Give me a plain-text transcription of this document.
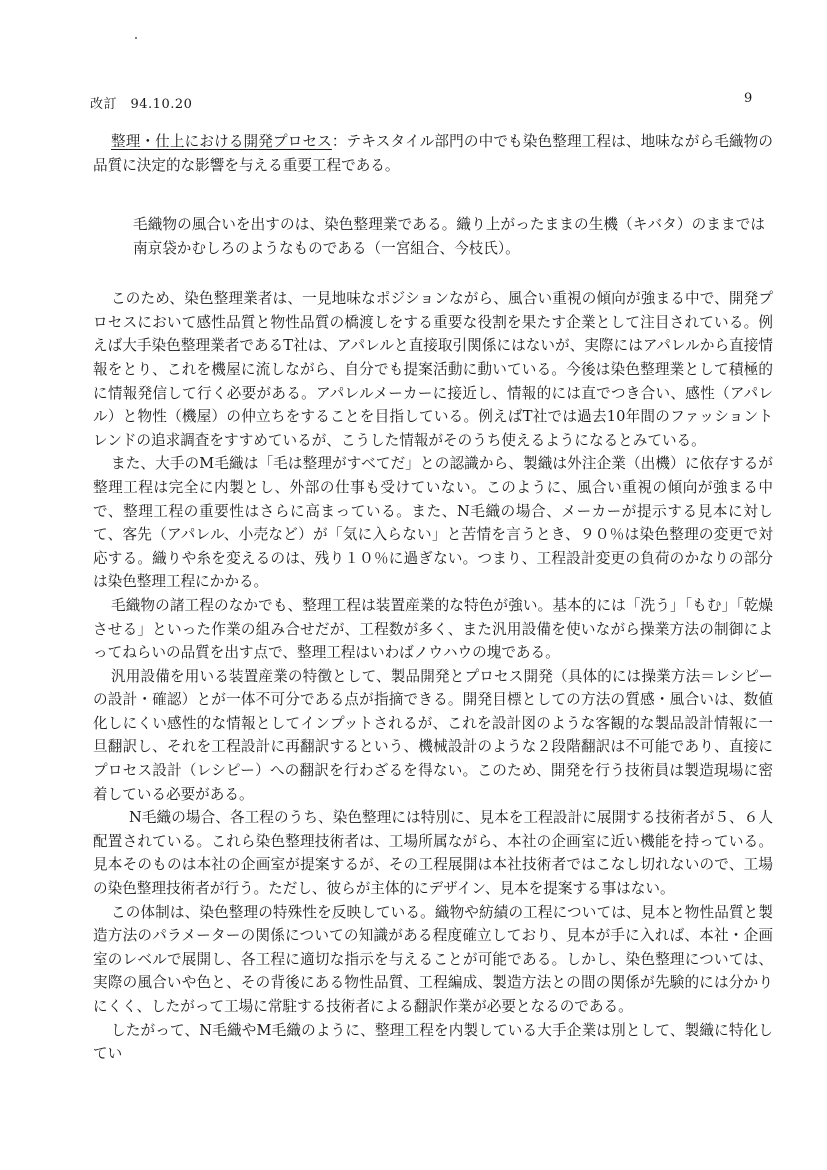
改訂　94.10.20	9

整理・仕上における開発プロセス：テキスタイル部門の中でも染色整理工程は、地味ながら毛織物の品質に決定的な影響を与える重要工程である。

毛織物の風合いを出すのは、染色整理業である。織り上がったままの生機（キバタ）のままでは南京袋かむしろのようなものである（一宮組合、今枝氏）。

このため、染色整理業者は、一見地味なポジションながら、風合い重視の傾向が強まる中で、開発プロセスにおいて感性品質と物性品質の橋渡しをする重要な役割を果たす企業として注目されている。例えば大手染色整理業者であるT社は、アパレルと直接取引関係にはないが、実際にはアパレルから直接情報をとり、これを機屋に流しながら、自分でも提案活動に動いている。今後は染色整理業として積極的に情報発信して行く必要がある。アパレルメーカーに接近し、情報的には直でつき合い、感性（アパレル）と物性（機屋）の仲立ちをすることを目指している。例えばT社では過去10年間のファッショントレンドの追求調査をすすめているが、こうした情報がそのうち使えるようになるとみている。

また、大手のM毛織は「毛は整理がすべてだ」との認識から、製織は外注企業（出機）に依存するが整理工程は完全に内製とし、外部の仕事も受けていない。このように、風合い重視の傾向が強まる中で、整理工程の重要性はさらに高まっている。また、N毛織の場合、メーカーが提示する見本に対して、客先（アパレル、小売など）が「気に入らない」と苦情を言うとき、９０％は染色整理の変更で対応する。織りや糸を変えるのは、残り１０％に過ぎない。つまり、工程設計変更の負荷のかなりの部分は染色整理工程にかかる。

毛織物の諸工程のなかでも、整理工程は装置産業的な特色が強い。基本的には「洗う」「もむ」「乾燥させる」といった作業の組み合せだが、工程数が多く、また汎用設備を使いながら操業方法の制御によってねらいの品質を出す点で、整理工程はいわばノウハウの塊である。

汎用設備を用いる装置産業の特徴として、製品開発とプロセス開発（具体的には操業方法＝レシピーの設計・確認）とが一体不可分である点が指摘できる。開発目標としての方法の質感・風合いは、数値化しにくい感性的な情報としてインプットされるが、これを設計図のような客観的な製品設計情報に一旦翻訳し、それを工程設計に再翻訳するという、機械設計のような２段階翻訳は不可能であり、直接にプロセス設計（レシピー）への翻訳を行わざるを得ない。このため、開発を行う技術員は製造現場に密着している必要がある。

N毛織の場合、各工程のうち、染色整理には特別に、見本を工程設計に展開する技術者が５、６人配置されている。これら染色整理技術者は、工場所属ながら、本社の企画室に近い機能を持っている。見本そのものは本社の企画室が提案するが、その工程展開は本社技術者ではこなし切れないので、工場の染色整理技術者が行う。ただし、彼らが主体的にデザイン、見本を提案する事はない。

この体制は、染色整理の特殊性を反映している。織物や紡績の工程については、見本と物性品質と製造方法のパラメーターの関係についての知識がある程度確立しており、見本が手に入れば、本社・企画室のレベルで展開し、各工程に適切な指示を与えることが可能である。しかし、染色整理については、実際の風合いや色と、その背後にある物性品質、工程編成、製造方法との間の関係が先験的には分かりにくく、したがって工場に常駐する技術者による翻訳作業が必要となるのである。

したがって、N毛織やM毛織のように、整理工程を内製している大手企業は別として、製織に特化してい
